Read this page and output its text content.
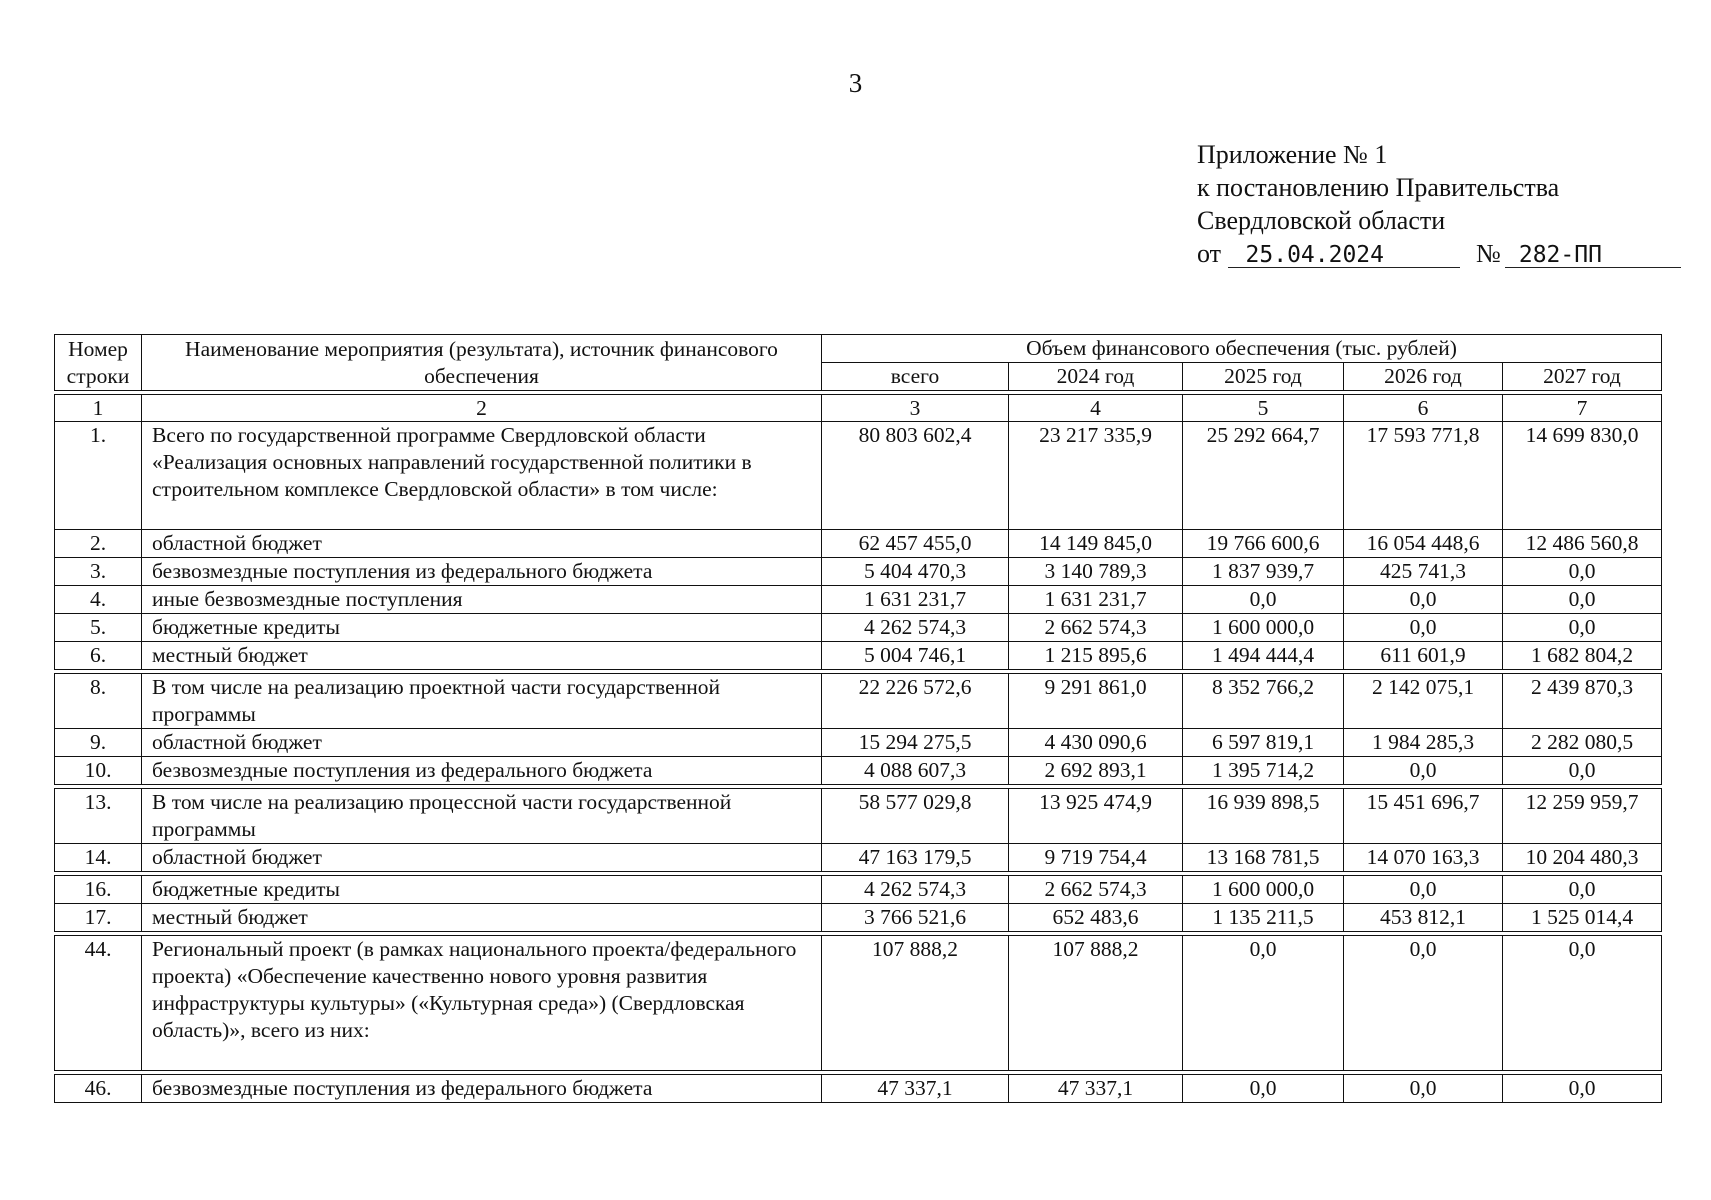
3
Приложение № 1
к постановлению Правительства
Свердловской области
от 25.04.2024	№ 282-ПП
Номер строки	Наименование мероприятия (результата), источник финансового обеспечения	Объем финансового обеспечения (тыс. рублей)				
		всего	2024 год	2025 год	2026 год	2027 год

1	2	3	4	5	6	7
1.	Всего по государственной программе Свердловской области «Реализация основных направлений государственной политики в строительном комплексе Свердловской области» в том числе:	80 803 602,4	23 217 335,9	25 292 664,7	17 593 771,8	14 699 830,0
2.	областной бюджет	62 457 455,0	14 149 845,0	19 766 600,6	16 054 448,6	12 486 560,8
3.	безвозмездные поступления из федерального бюджета	5 404 470,3	3 140 789,3	1 837 939,7	425 741,3	0,0
4.	иные безвозмездные поступления	1 631 231,7	1 631 231,7	0,0	0,0	0,0
5.	бюджетные кредиты	4 262 574,3	2 662 574,3	1 600 000,0	0,0	0,0
6.	местный бюджет	5 004 746,1	1 215 895,6	1 494 444,4	611 601,9	1 682 804,2

8.	В том числе на реализацию проектной части государственной программы	22 226 572,6	9 291 861,0	8 352 766,2	2 142 075,1	2 439 870,3
9.	областной бюджет	15 294 275,5	4 430 090,6	6 597 819,1	1 984 285,3	2 282 080,5
10.	безвозмездные поступления из федерального бюджета	4 088 607,3	2 692 893,1	1 395 714,2	0,0	0,0

13.	В том числе на реализацию процессной части государственной программы	58 577 029,8	13 925 474,9	16 939 898,5	15 451 696,7	12 259 959,7
14.	областной бюджет	47 163 179,5	9 719 754,4	13 168 781,5	14 070 163,3	10 204 480,3

16.	бюджетные кредиты	4 262 574,3	2 662 574,3	1 600 000,0	0,0	0,0
17.	местный бюджет	3 766 521,6	652 483,6	1 135 211,5	453 812,1	1 525 014,4

44.	Региональный проект (в рамках национального проекта/федерального проекта) «Обеспечение качественно нового уровня развития инфраструктуры культуры» («Культурная среда») (Свердловская область)», всего из них:	107 888,2	107 888,2	0,0	0,0	0,0

46.	безвозмездные поступления из федерального бюджета	47 337,1	47 337,1	0,0	0,0	0,0
